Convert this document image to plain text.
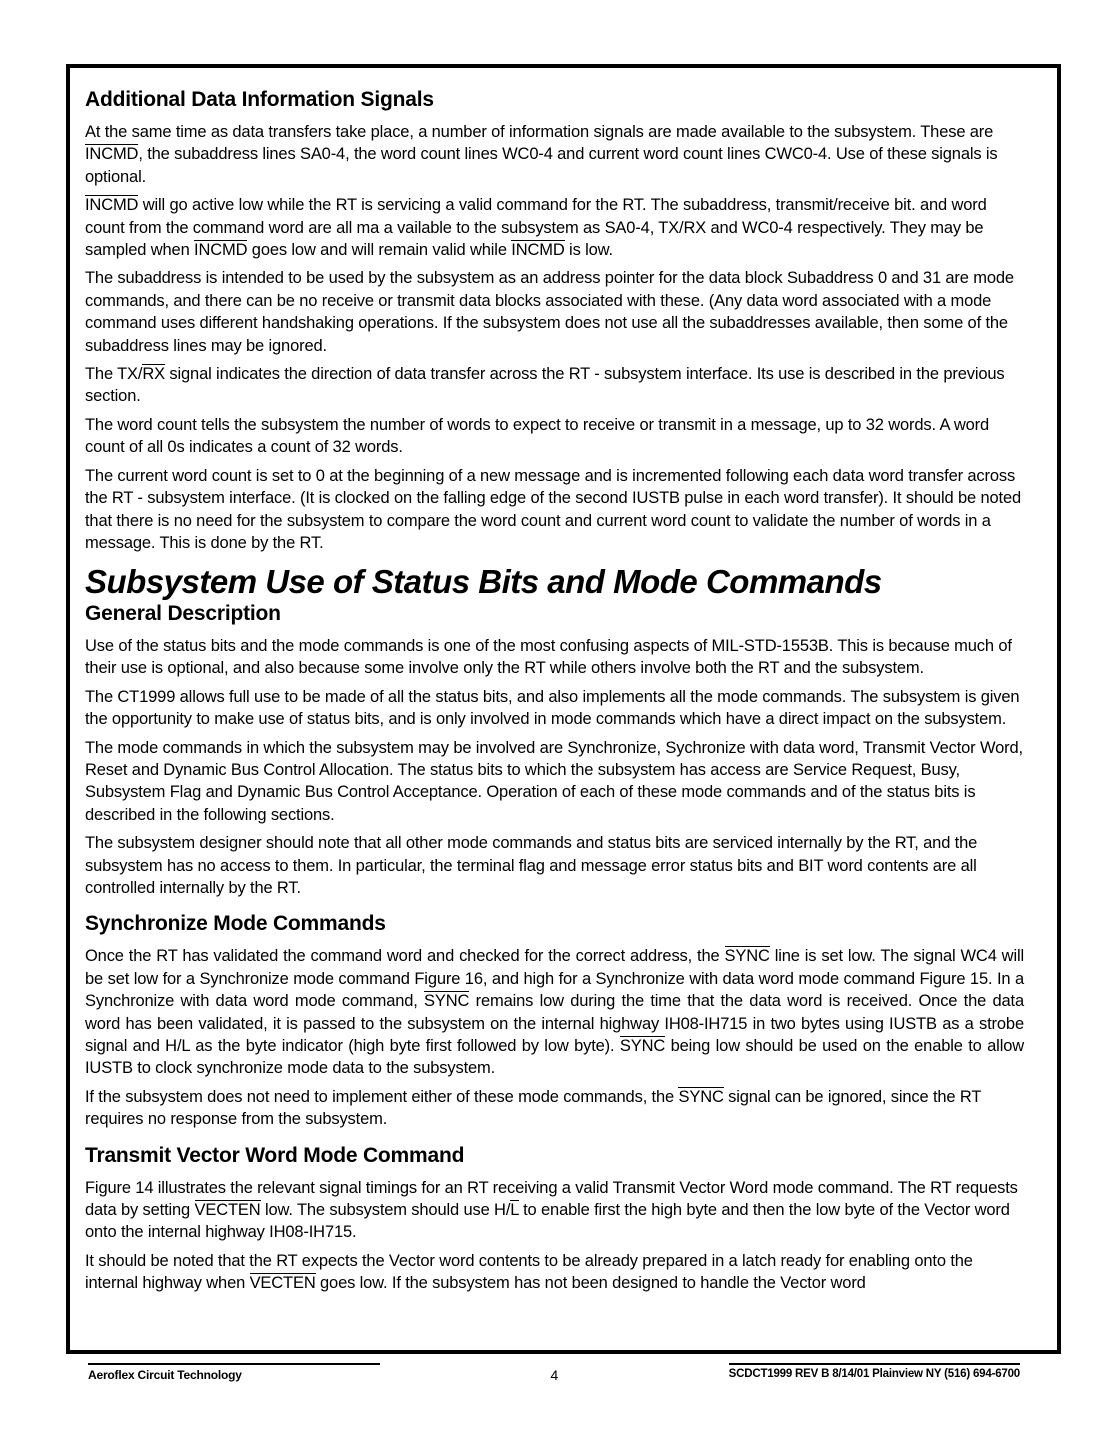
Additional Data Information Signals

At the same time as data transfers take place, a number of information signals are made available to the subsystem. These are INCMD, the subaddress lines SA0-4, the word count lines WC0-4 and current word count lines CWC0-4. Use of these signals is optional.

INCMD will go active low while the RT is servicing a valid command for the RT. The subaddress, transmit/receive bit. and word count from the command word are all ma a vailable to the subsystem as SA0-4, TX/RX and WC0-4 respectively. They may be sampled when INCMD goes low and will remain valid while INCMD is low.

The subaddress is intended to be used by the subsystem as an address pointer for the data block Subaddress 0 and 31 are mode commands, and there can be no receive or transmit data blocks associated with these. (Any data word associated with a mode command uses different handshaking operations. If the subsystem does not use all the subaddresses available, then some of the subaddress lines may be ignored.

The TX/RX signal indicates the direction of data transfer across the RT - subsystem interface. Its use is described in the previous section.

The word count tells the subsystem the number of words to expect to receive or transmit in a message, up to 32 words. A word count of all 0s indicates a count of 32 words.

The current word count is set to 0 at the beginning of a new message and is incremented following each data word transfer across the RT - subsystem interface. (It is clocked on the falling edge of the second IUSTB pulse in each word transfer). It should be noted that there is no need for the subsystem to compare the word count and current word count to validate the number of words in a message. This is done by the RT.

Subsystem Use of Status Bits and Mode Commands
General Description

Use of the status bits and the mode commands is one of the most confusing aspects of MIL-STD-1553B. This is because much of their use is optional, and also because some involve only the RT while others involve both the RT and the subsystem.

The CT1999 allows full use to be made of all the status bits, and also implements all the mode commands. The subsystem is given the opportunity to make use of status bits, and is only involved in mode commands which have a direct impact on the subsystem.

The mode commands in which the subsystem may be involved are Synchronize, Sychronize with data word, Transmit Vector Word, Reset and Dynamic Bus Control Allocation. The status bits to which the subsystem has access are Service Request, Busy, Subsystem Flag and Dynamic Bus Control Acceptance. Operation of each of these mode commands and of the status bits is described in the following sections.

The subsystem designer should note that all other mode commands and status bits are serviced internally by the RT, and the subsystem has no access to them. In particular, the terminal flag and message error status bits and BIT word contents are all controlled internally by the RT.

Synchronize Mode Commands

Once the RT has validated the command word and checked for the correct address, the SYNC line is set low. The signal WC4 will be set low for a Synchronize mode command Figure 16, and high for a Synchronize with data word mode command Figure 15. In a Synchronize with data word mode command, SYNC remains low during the time that the data word is received. Once the data word has been validated, it is passed to the subsystem on the internal highway IH08-IH715 in two bytes using IUSTB as a strobe signal and H/L as the byte indicator (high byte first followed by low byte). SYNC being low should be used on the enable to allow IUSTB to clock synchronize mode data to the subsystem.

If the subsystem does not need to implement either of these mode commands, the SYNC signal can be ignored, since the RT requires no response from the subsystem.

Transmit Vector Word Mode Command

Figure 14 illustrates the relevant signal timings for an RT receiving a valid Transmit Vector Word mode command. The RT requests data by setting VECTEN low. The subsystem should use H/L to enable first the high byte and then the low byte of the Vector word onto the internal highway IH08-IH715.

It should be noted that the RT expects the Vector word contents to be already prepared in a latch ready for enabling onto the internal highway when VECTEN goes low. If the subsystem has not been designed to handle the Vector word

Aeroflex Circuit Technology	4	SCDCT1999 REV B 8/14/01 Plainview NY (516) 694-6700
